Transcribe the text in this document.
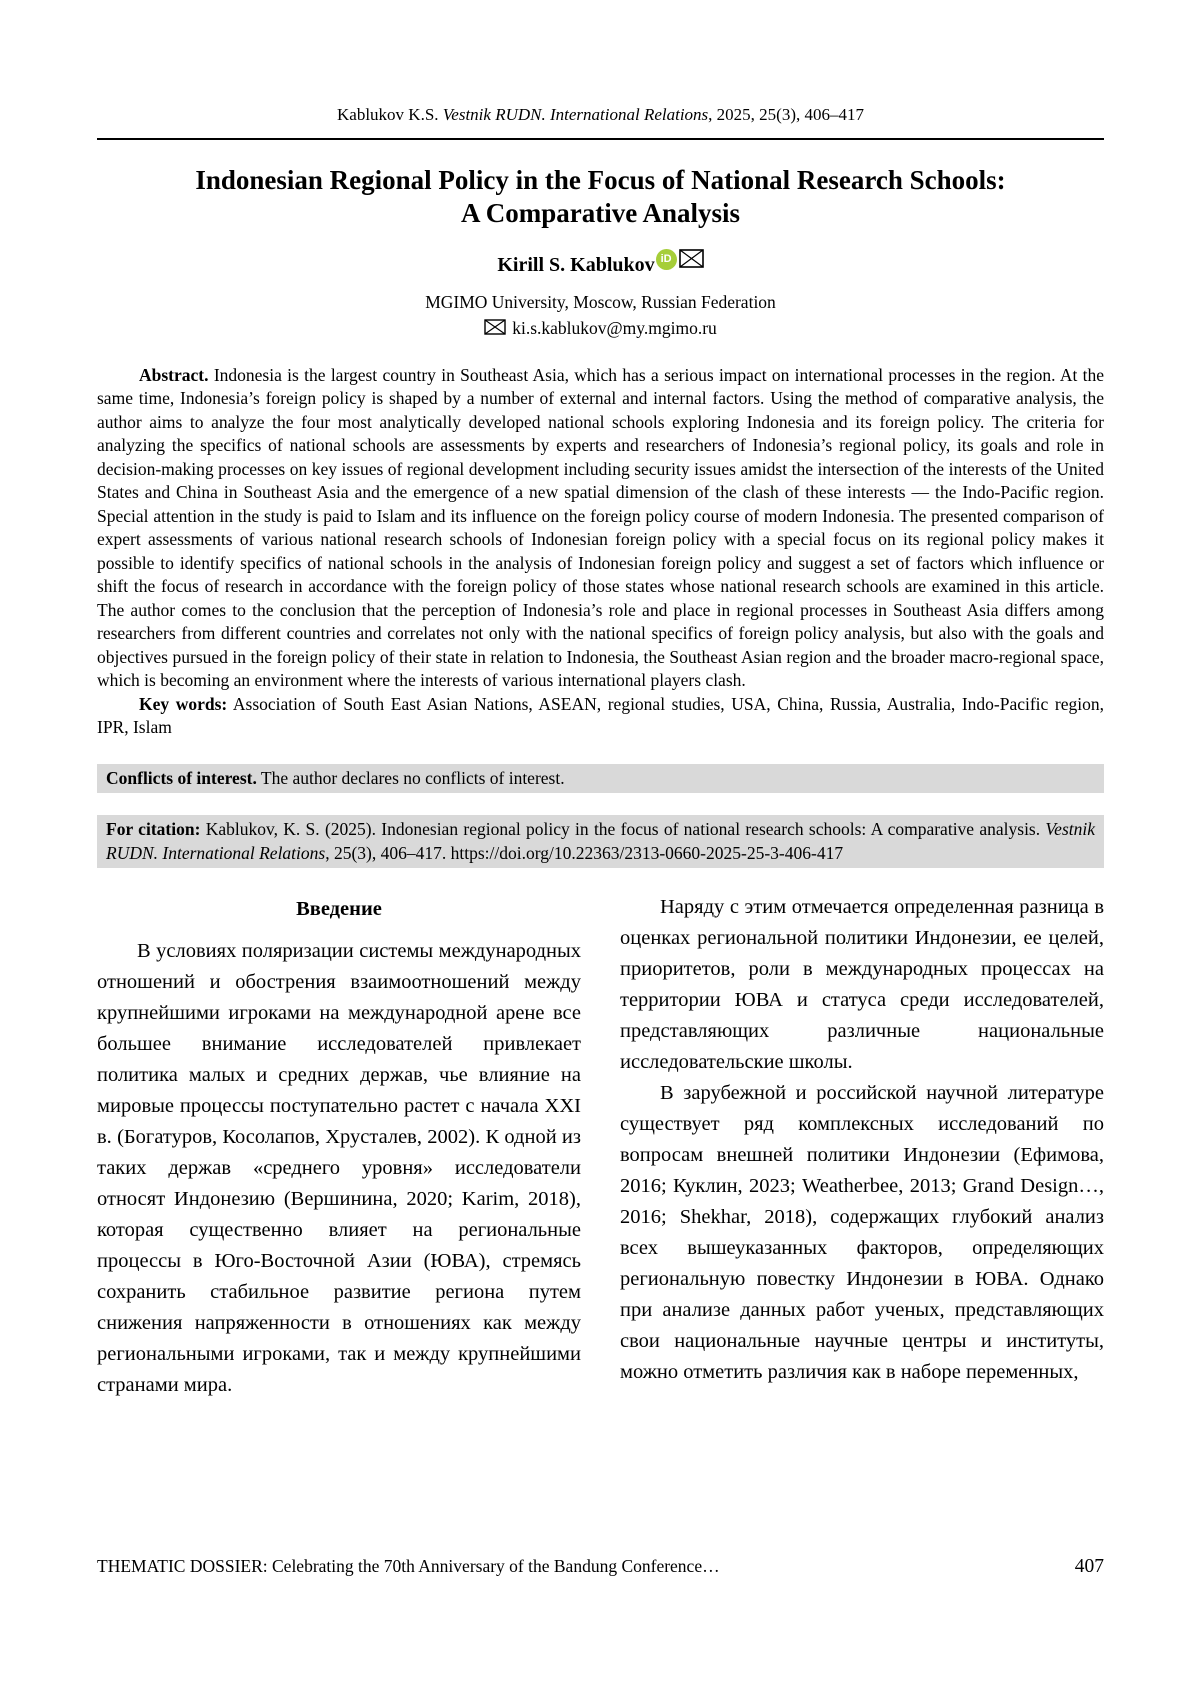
Kablukov K.S. Vestnik RUDN. International Relations, 2025, 25(3), 406–417
Indonesian Regional Policy in the Focus of National Research Schools:
A Comparative Analysis
Kirill S. Kablukov iD
MGIMO University, Moscow, Russian Federation
ki.s.kablukov@my.mgimo.ru

Abstract. Indonesia is the largest country in Southeast Asia, which has a serious impact on international processes in the region. At the same time, Indonesia’s foreign policy is shaped by a number of external and internal factors. Using the method of comparative analysis, the author aims to analyze the four most analytically developed national schools exploring Indonesia and its foreign policy. The criteria for analyzing the specifics of national schools are assessments by experts and researchers of Indonesia’s regional policy, its goals and role in decision-making processes on key issues of regional development including security issues amidst the intersection of the interests of the United States and China in Southeast Asia and the emergence of a new spatial dimension of the clash of these interests — the Indo-Pacific region. Special attention in the study is paid to Islam and its influence on the foreign policy course of modern Indonesia. The presented comparison of expert assessments of various national research schools of Indonesian foreign policy with a special focus on its regional policy makes it possible to identify specifics of national schools in the analysis of Indonesian foreign policy and suggest a set of factors which influence or shift the focus of research in accordance with the foreign policy of those states whose national research schools are examined in this article. The author comes to the conclusion that the perception of Indonesia’s role and place in regional processes in Southeast Asia differs among researchers from different countries and correlates not only with the national specifics of foreign policy analysis, but also with the goals and objectives pursued in the foreign policy of their state in relation to Indonesia, the Southeast Asian region and the broader macro-regional space, which is becoming an environment where the interests of various international players clash.

Key words: Association of South East Asian Nations, ASEAN, regional studies, USA, China, Russia, Australia, Indo-Pacific region, IPR, Islam

Conflicts of interest. The author declares no conflicts of interest.
For citation: Kablukov, K. S. (2025). Indonesian regional policy in the focus of national research schools: A comparative analysis. Vestnik RUDN. International Relations, 25(3), 406–417. https://doi.org/10.22363/2313-0660-2025-25-3-406-417
Введение

В условиях поляризации системы международных отношений и обострения взаимоотношений между крупнейшими игроками на международной арене все большее внимание исследователей привлекает политика малых и средних держав, чье влияние на мировые процессы поступательно растет с начала XXI в. (Богатуров, Косолапов, Хрусталев, 2002). К одной из таких держав «среднего уровня» исследователи относят Индонезию (Вершинина, 2020; Karim, 2018), которая существенно влияет на региональные процессы в Юго-Восточной Азии (ЮВА), стремясь сохранить стабильное развитие региона путем снижения напряженности в отношениях как между региональными игроками, так и между крупнейшими странами мира.

Наряду с этим отмечается определенная разница в оценках региональной политики Индонезии, ее целей, приоритетов, роли в международных процессах на территории ЮВА и статуса среди исследователей, представляющих различные национальные исследовательские школы.

В зарубежной и российской научной литературе существует ряд комплексных исследований по вопросам внешней политики Индонезии (Ефимова, 2016; Куклин, 2023; Weatherbee, 2013; Grand Design…, 2016; Shekhar, 2018), содержащих глубокий анализ всех вышеуказанных факторов, определяющих региональную повестку Индонезии в ЮВА. Однако при анализе данных работ ученых, представляющих свои национальные научные центры и институты, можно отметить различия как в наборе переменных,

THEMATIC DOSSIER: Celebrating the 70th Anniversary of the Bandung Conference…	407
